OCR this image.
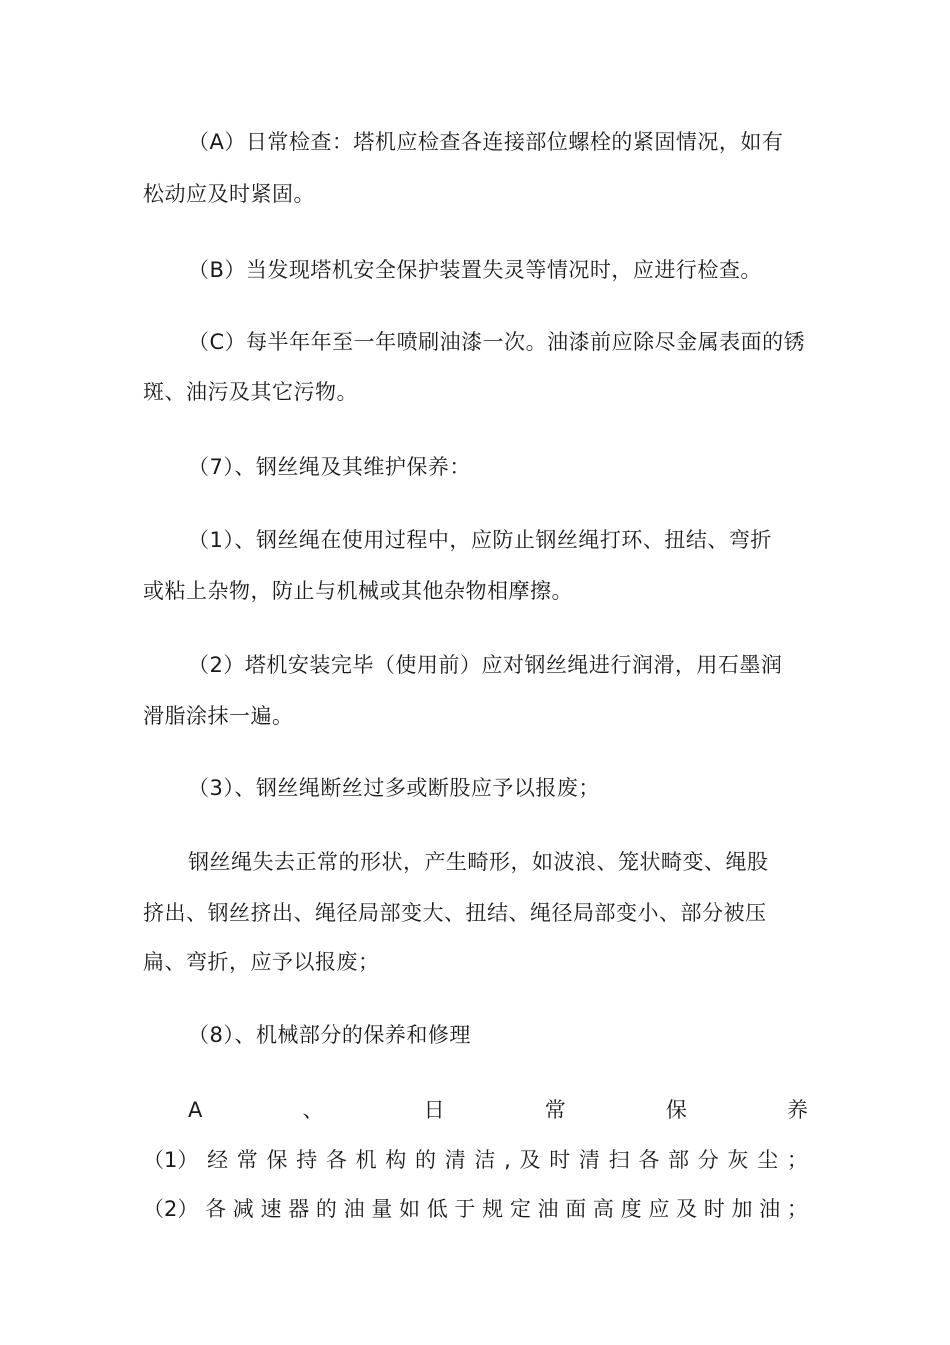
（A）日常检查：塔机应检查各连接部位螺栓的紧固情况，如有
松动应及时紧固。
（B）当发现塔机安全保护装置失灵等情况时，应进行检查。
（C）每半年年至一年喷刷油漆一次。油漆前应除尽金属表面的锈
斑、油污及其它污物。
（7）、钢丝绳及其维护保养：
（1）、钢丝绳在使用过程中，应防止钢丝绳打环、扭结、弯折
或粘上杂物，防止与机械或其他杂物相摩擦。
（2）塔机安装完毕（使用前）应对钢丝绳进行润滑，用石墨润
滑脂涂抹一遍。
（3）、钢丝绳断丝过多或断股应予以报废；
钢丝绳失去正常的形状，产生畸形，如波浪、笼状畸变、绳股
挤出、钢丝挤出、绳径局部变大、扭结、绳径局部变小、部分被压
扁、弯折，应予以报废；
（8）、机械部分的保养和修理
A	、	日	常	保	养
（1） 经 常 保 持 各 机 构 的 清 洁 , 及 时 清 扫 各 部 分 灰 尘 ；
（2） 各 减 速 器 的 油 量 如 低 于 规 定 油 面 高 度 应 及 时 加 油 ；
